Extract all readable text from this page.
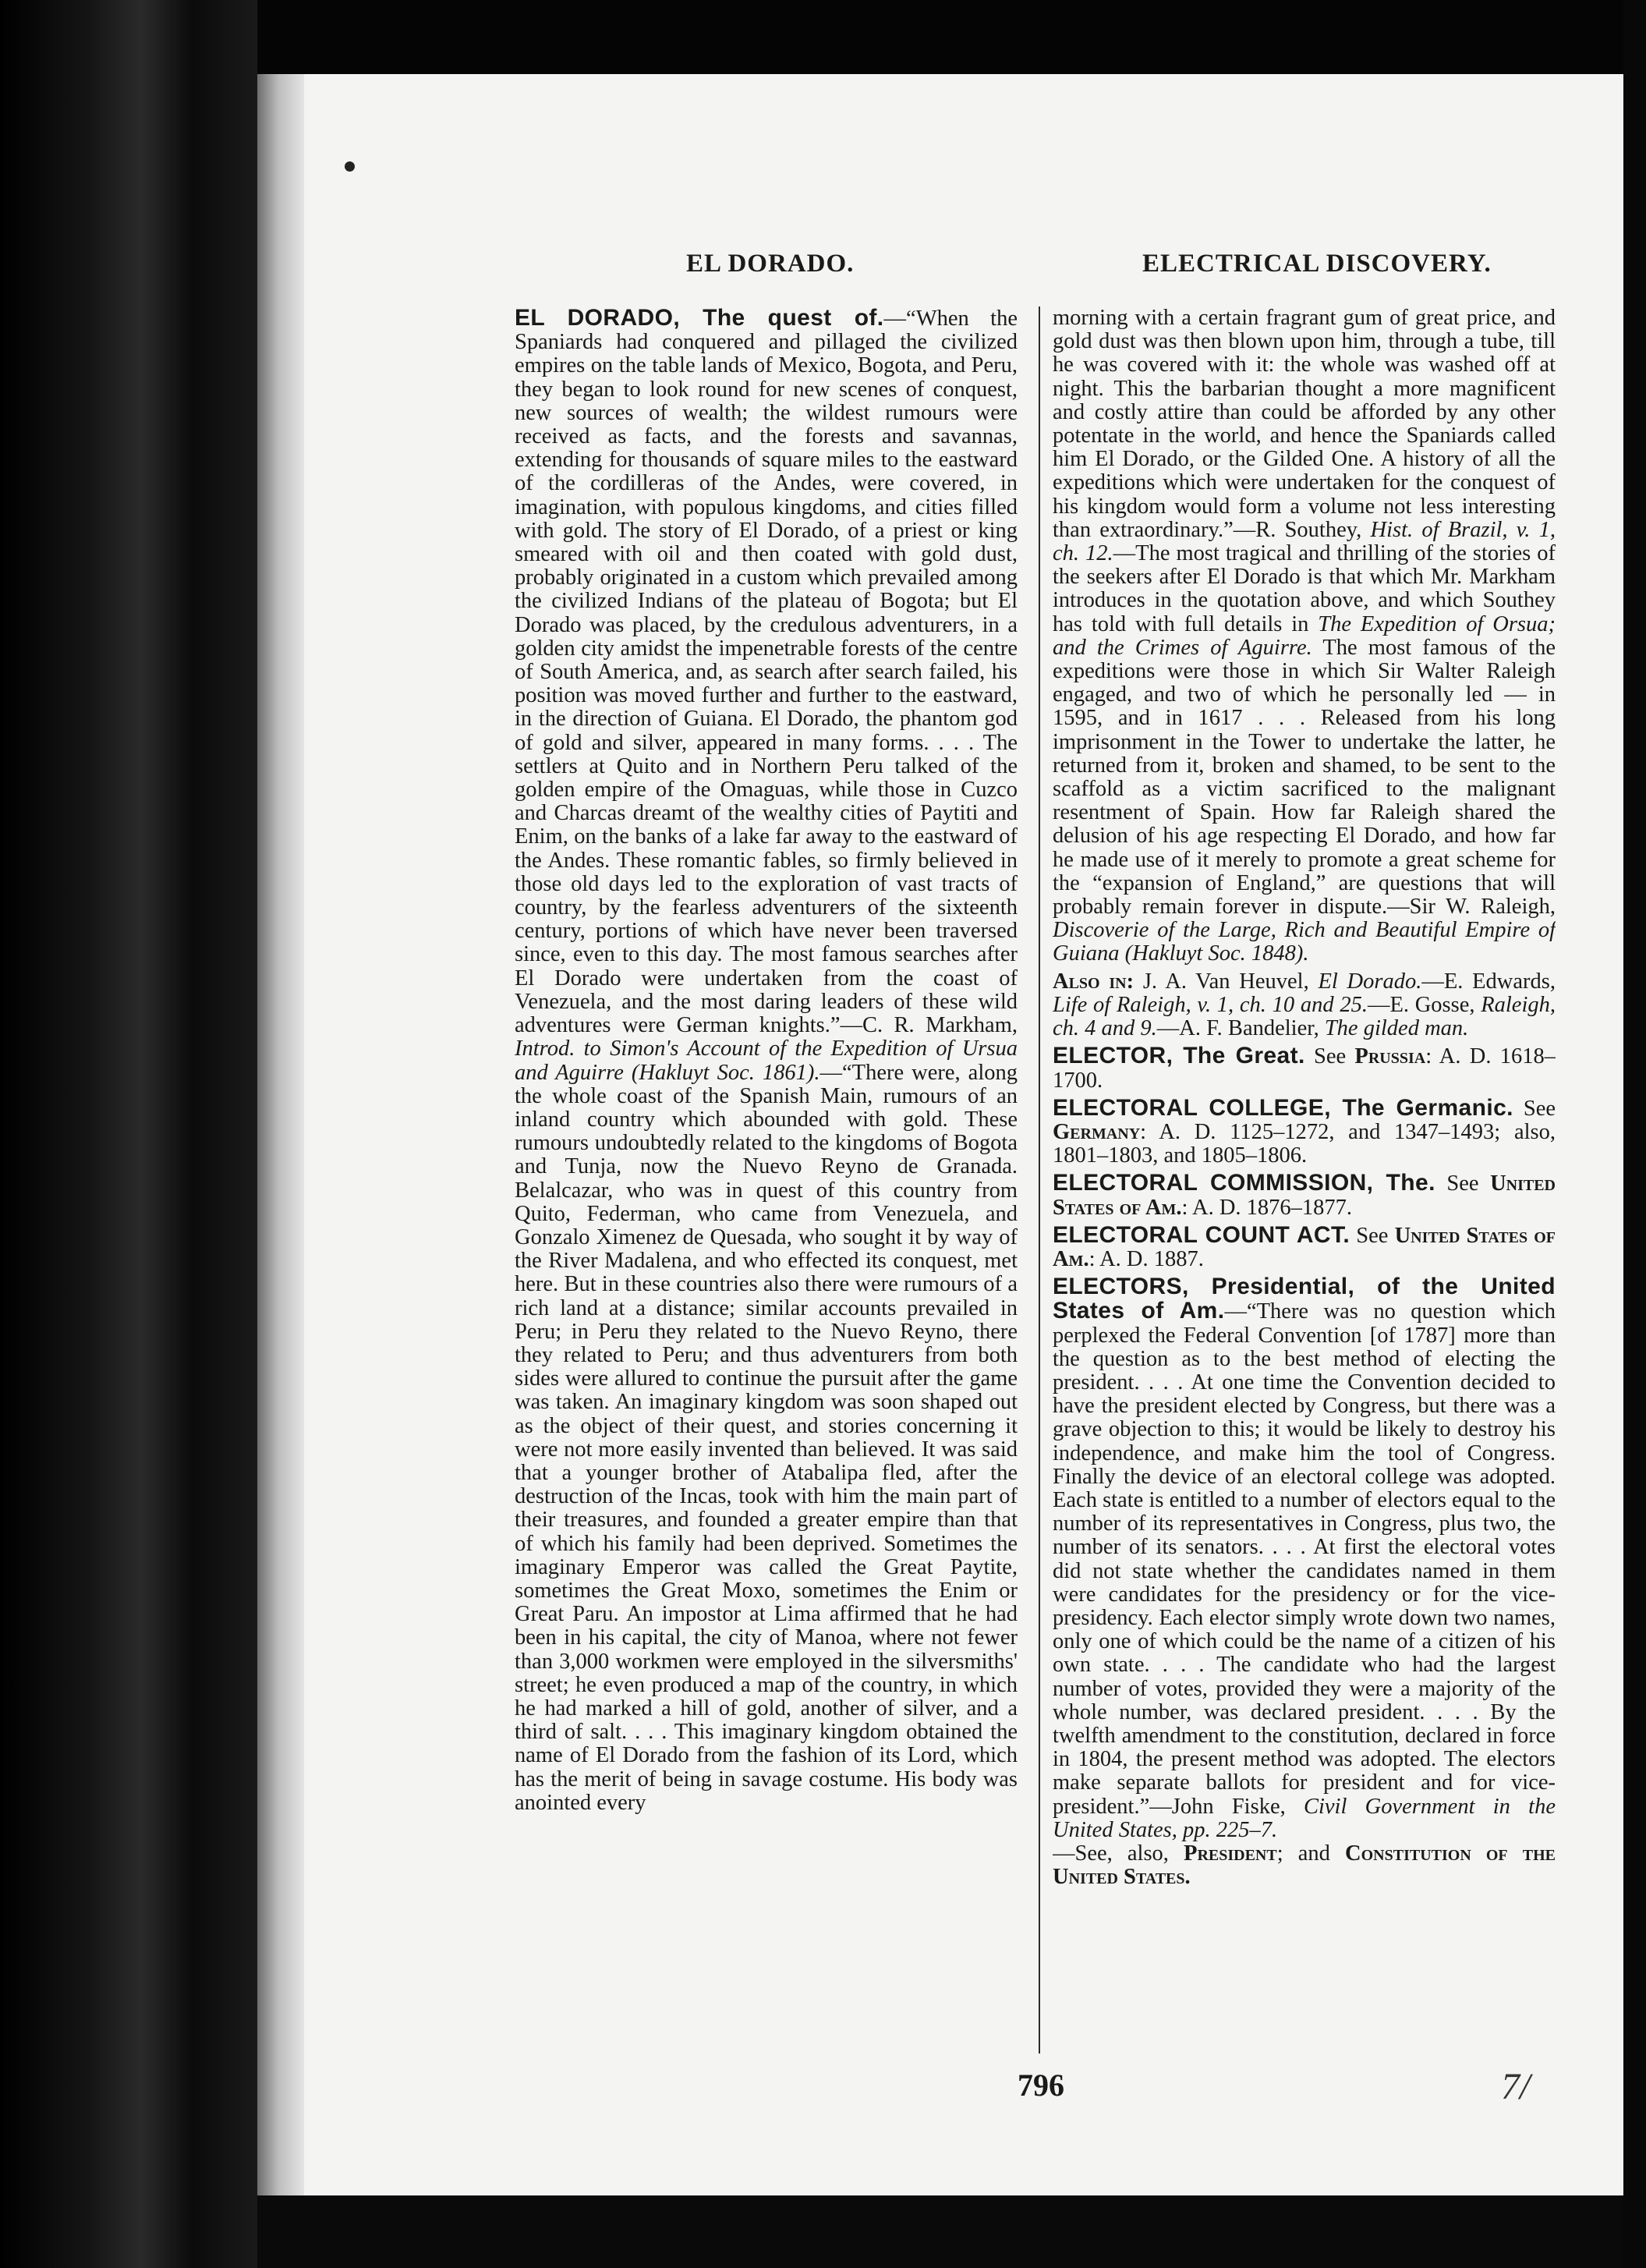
EL DORADO.	ELECTRICAL DISCOVERY.

EL DORADO, The quest of.—“When the Spaniards had conquered and pillaged the civilized empires on the table lands of Mexico, Bogota, and Peru, they began to look round for new scenes of conquest, new sources of wealth; the wildest rumours were received as facts, and the forests and savannas, extending for thousands of square miles to the eastward of the cordilleras of the Andes, were covered, in imagination, with populous kingdoms, and cities filled with gold. The story of El Dorado, of a priest or king smeared with oil and then coated with gold dust, probably originated in a custom which prevailed among the civilized Indians of the plateau of Bogota; but El Dorado was placed, by the credulous adventurers, in a golden city amidst the impenetrable forests of the centre of South America, and, as search after search failed, his position was moved further and further to the eastward, in the direction of Guiana. El Dorado, the phantom god of gold and silver, appeared in many forms. . . . The settlers at Quito and in Northern Peru talked of the golden empire of the Omaguas, while those in Cuzco and Charcas dreamt of the wealthy cities of Paytiti and Enim, on the banks of a lake far away to the eastward of the Andes. These romantic fables, so firmly believed in those old days led to the exploration of vast tracts of country, by the fearless adventurers of the sixteenth century, portions of which have never been traversed since, even to this day. The most famous searches after El Dorado were undertaken from the coast of Venezuela, and the most daring leaders of these wild adventures were German knights.”—C. R. Markham, Introd. to Simon's Account of the Expedition of Ursua and Aguirre (Hakluyt Soc. 1861).—“There were, along the whole coast of the Spanish Main, rumours of an inland country which abounded with gold. These rumours undoubtedly related to the kingdoms of Bogota and Tunja, now the Nuevo Reyno de Granada. Belalcazar, who was in quest of this country from Quito, Federman, who came from Venezuela, and Gonzalo Ximenez de Quesada, who sought it by way of the River Madalena, and who effected its conquest, met here. But in these countries also there were rumours of a rich land at a distance; similar accounts prevailed in Peru; in Peru they related to the Nuevo Reyno, there they related to Peru; and thus adventurers from both sides were allured to continue the pursuit after the game was taken. An imaginary kingdom was soon shaped out as the object of their quest, and stories concerning it were not more easily invented than believed. It was said that a younger brother of Atabalipa fled, after the destruction of the Incas, took with him the main part of their treasures, and founded a greater empire than that of which his family had been deprived. Sometimes the imaginary Emperor was called the Great Paytite, sometimes the Great Moxo, sometimes the Enim or Great Paru. An impostor at Lima affirmed that he had been in his capital, the city of Manoa, where not fewer than 3,000 workmen were employed in the silversmiths' street; he even produced a map of the country, in which he had marked a hill of gold, another of silver, and a third of salt. . . . This imaginary kingdom obtained the name of El Dorado from the fashion of its Lord, which has the merit of being in savage costume. His body was anointed every

morning with a certain fragrant gum of great price, and gold dust was then blown upon him, through a tube, till he was covered with it: the whole was washed off at night. This the barbarian thought a more magnificent and costly attire than could be afforded by any other potentate in the world, and hence the Spaniards called him El Dorado, or the Gilded One. A history of all the expeditions which were undertaken for the conquest of his kingdom would form a volume not less interesting than extraordinary.”—R. Southey, Hist. of Brazil, v. 1, ch. 12.—The most tragical and thrilling of the stories of the seekers after El Dorado is that which Mr. Markham introduces in the quotation above, and which Southey has told with full details in The Expedition of Orsua; and the Crimes of Aguirre. The most famous of the expeditions were those in which Sir Walter Raleigh engaged, and two of which he personally led — in 1595, and in 1617 . . . Released from his long imprisonment in the Tower to undertake the latter, he returned from it, broken and shamed, to be sent to the scaffold as a victim sacrificed to the malignant resentment of Spain. How far Raleigh shared the delusion of his age respecting El Dorado, and how far he made use of it merely to promote a great scheme for the “expansion of England,” are questions that will probably remain forever in dispute.—Sir W. Raleigh, Discoverie of the Large, Rich and Beautiful Empire of Guiana (Hakluyt Soc. 1848).

Also in: J. A. Van Heuvel, El Dorado.—E. Edwards, Life of Raleigh, v. 1, ch. 10 and 25.—E. Gosse, Raleigh, ch. 4 and 9.—A. F. Bandelier, The gilded man.

ELECTOR, The Great. See Prussia: A. D. 1618–1700.

ELECTORAL COLLEGE, The Germanic. See Germany: A. D. 1125–1272, and 1347–1493; also, 1801–1803, and 1805–1806.

ELECTORAL COMMISSION, The. See United States of Am.: A. D. 1876–1877.

ELECTORAL COUNT ACT. See United States of Am.: A. D. 1887.

ELECTORS, Presidential, of the United States of Am.—“There was no question which perplexed the Federal Convention [of 1787] more than the question as to the best method of electing the president. . . . At one time the Convention decided to have the president elected by Congress, but there was a grave objection to this; it would be likely to destroy his independence, and make him the tool of Congress. Finally the device of an electoral college was adopted. Each state is entitled to a number of electors equal to the number of its representatives in Congress, plus two, the number of its senators. . . . At first the electoral votes did not state whether the candidates named in them were candidates for the presidency or for the vice-presidency. Each elector simply wrote down two names, only one of which could be the name of a citizen of his own state. . . . The candidate who had the largest number of votes, provided they were a majority of the whole number, was declared president. . . . By the twelfth amendment to the constitution, declared in force in 1804, the present method was adopted. The electors make separate ballots for president and for vice-president.”—John Fiske, Civil Government in the United States, pp. 225–7.
—See, also, President; and Constitution of the United States.

796	7/
